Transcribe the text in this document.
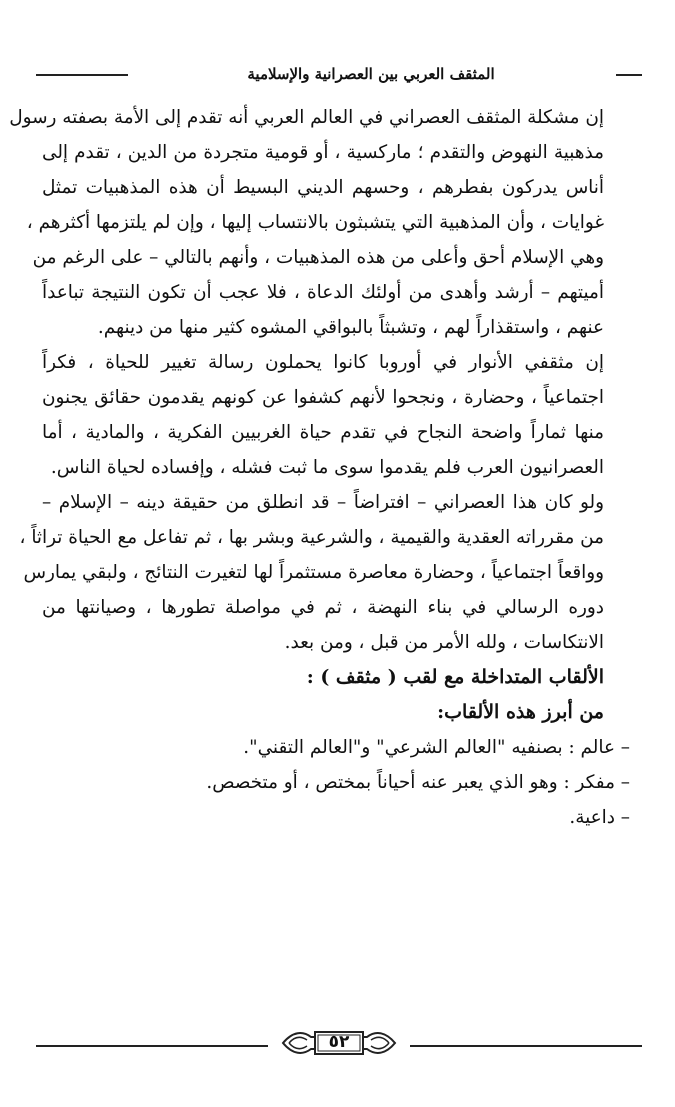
المثقف العربي بين العصرانية والإسلامية
إن مشكلة المثقف العصراني في العالم العربي أنه تقدم إلى الأمة بصفته رسول
مذهبية النهوض والتقدم ؛ ماركسية ، أو قومية متجردة من الدين ، تقدم إلى
أناس يدركون بفطرهم ، وحسهم الديني البسيط أن هذه المذهبيات تمثل
غوايات ، وأن المذهبية التي يتشبثون بالانتساب إليها ، وإن لم يلتزمها أكثرهم ،
وهي الإسلام أحق وأعلى من هذه المذهبيات ، وأنهم بالتالي – على الرغم من
أميتهم – أرشد وأهدى من أولئك الدعاة ، فلا عجب أن تكون النتيجة تباعداً
عنهم ، واستقذاراً لهم ، وتشبثاً بالبواقي المشوه كثير منها من دينهم.
إن مثقفي الأنوار في أوروبا كانوا يحملون رسالة تغيير للحياة ، فكراً
اجتماعياً ، وحضارة ، ونجحوا لأنهم كشفوا عن كونهم يقدمون حقائق يجنون
منها ثماراً واضحة النجاح في تقدم حياة الغربيين الفكرية ، والمادية ، أما
العصرانيون العرب فلم يقدموا سوى ما ثبت فشله ، وإفساده لحياة الناس.
ولو كان هذا العصراني – افتراضاً – قد انطلق من حقيقة دينه – الإسلام –
من مقرراته العقدية والقيمية ، والشرعية وبشر بها ، ثم تفاعل مع الحياة تراثاً ،
وواقعاً اجتماعياً ، وحضارة معاصرة مستثمراً لها لتغيرت النتائج ، ولبقي يمارس
دوره الرسالي في بناء النهضة ، ثم في مواصلة تطورها ، وصيانتها من
الانتكاسات ، ولله الأمر من قبل ، ومن بعد.

الألقاب المتداخلة مع لقب ( مثقف ) :

من أبرز هذه الألقاب:

– عالم : بصنفيه "العالم الشرعي" و"العالم التقني".

– مفكر : وهو الذي يعبر عنه أحياناً بمختص ، أو متخصص.

– داعية.

٥٢
